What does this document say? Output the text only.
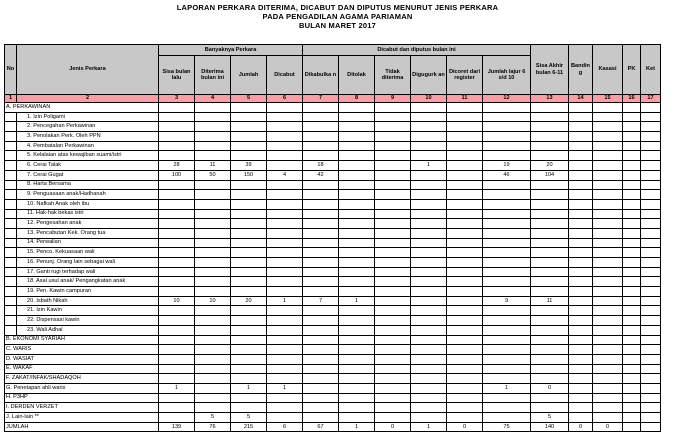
LAPORAN PERKARA DITERIMA, DICABUT DAN DIPUTUS MENURUT JENIS PERKARA
PADA PENGADILAN AGAMA PARIAMAN
BULAN MARET 2017
No	Jenis Perkara	Banyaknya Perkara				Dicabut dan diputus bulan ini						Sisa Akhir bulan 6-11	Bandin g	Kasasi	PK	Ket
		Sisa bulan lalu	Diterima bulan ini	Jumlah	Dicabut	Dikabulka n	Ditolak	Tidak diterima	Digugurk an	Dicoret dari register	Jumlah lajur 6 s/d 10					
1	2	3	4	5	6	7	8	9	10	11	12	13	14	15	16	17
A. PERKAWINAN																
	1. Izin Poligami															
	2. Pencegahan Perkawinan															
	3. Penolakan Perk. Oleh PPN															
	4. Pembatalan Perkawinan															
	5. Kelalaian atas kewajiban suami/istri															
	6. Cerai Talak	28	11	39		18			1		19	20				
	7. Cerai Gugat	100	50	150	4	42					46	104				
	8. Harta Bersama															
	9. Penguasaan anak/Hadhanah															
	10. Nafkah Anak oleh ibu															
	11. Hak-hak bekas istri															
	12. Pengesahan anak															
	13. Pencabutan Kek. Orang tua															
	14. Perwalian															
	15. Penco. Kekuasaan wali															
	16. Penunj. Orang lain sebagai wali															
	17. Ganti rugi terhadap wali															
	18. Asal usul anak/ Pengangkatan anak															
	19. Pen. Kawin campuran															
	20. Isbath Nikah	10	10	20	1	7	1				9	11				
	21. Izin Kawin															
	22. Dispensasi kawin															
	23. Wali Adhal															
B. EKONOMI SYARIAH																
C. WARIS																
D. WASIAT																
E. WAKAF																
F. ZAKAT/INFAK/SHADAQOH																
G. Penetapan ahli waris		1		1	1						1	0				
H. P3HP																
I. DERDEN VERZET																
J. Lain-lain **			5	5								5				
JUMLAH		139	76	215	6	67	1	0	1	0	75	140	0	0		
